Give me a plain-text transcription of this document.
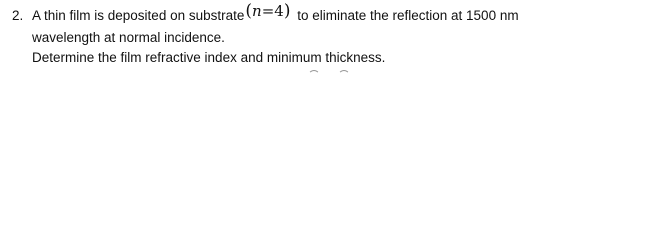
2. A thin film is deposited on substrate(n=4) to eliminate the reflection at 1500 nm
wavelength at normal incidence.
Determine the film refractive index and minimum thickness.
